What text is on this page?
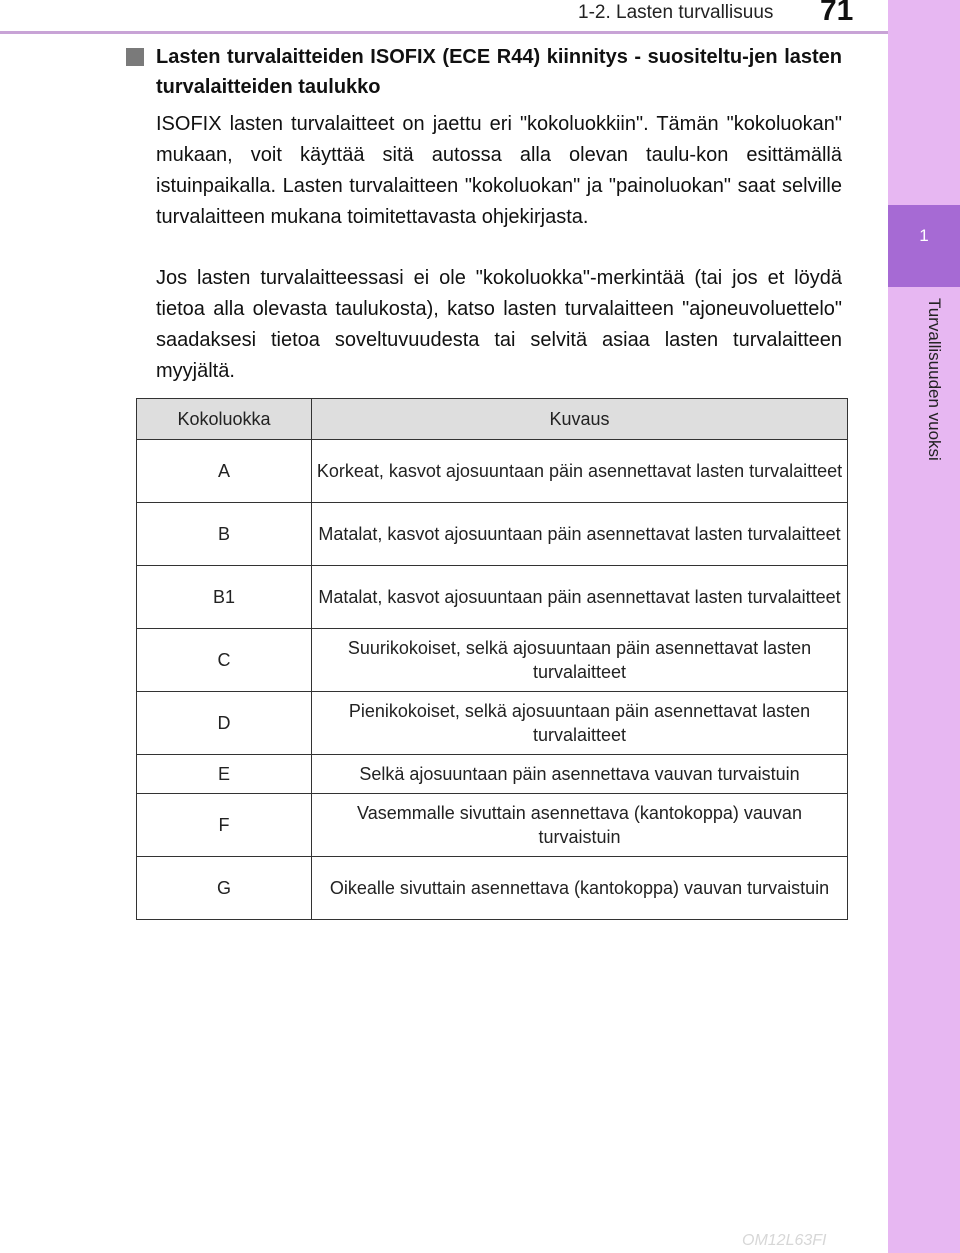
1-2. Lasten turvallisuus 71
1
Turvallisuuden vuoksi
Lasten turvalaitteiden ISOFIX (ECE R44) kiinnitys - suositeltu-jen lasten turvalaitteiden taulukko

ISOFIX lasten turvalaitteet on jaettu eri "kokoluokkiin". Tämän "kokoluokan" mukaan, voit käyttää sitä autossa alla olevan taulu-kon esittämällä istuinpaikalla. Lasten turvalaitteen "kokoluokan" ja "painoluokan" saat selville turvalaitteen mukana toimitettavasta ohjekirjasta.

Jos lasten turvalaitteessasi ei ole "kokoluokka"-merkintää (tai jos et löydä tietoa alla olevasta taulukosta), katso lasten turvalaitteen "ajoneuvoluettelo" saadaksesi tietoa soveltuvuudesta tai selvitä asiaa lasten turvalaitteen myyjältä.

Kokoluokka	Kuvaus
A	Korkeat, kasvot ajosuuntaan päin asennettavat lasten turvalaitteet
B	Matalat, kasvot ajosuuntaan päin asennettavat lasten turvalaitteet
B1	Matalat, kasvot ajosuuntaan päin asennettavat lasten turvalaitteet
C	Suurikokoiset, selkä ajosuuntaan päin asennettavat lasten turvalaitteet
D	Pienikokoiset, selkä ajosuuntaan päin asennettavat lasten turvalaitteet
E	Selkä ajosuuntaan päin asennettava vauvan turvaistuin
F	Vasemmalle sivuttain asennettava (kantokoppa) vauvan turvaistuin
G	Oikealle sivuttain asennettava (kantokoppa) vauvan turvaistuin
OM12L63FI
